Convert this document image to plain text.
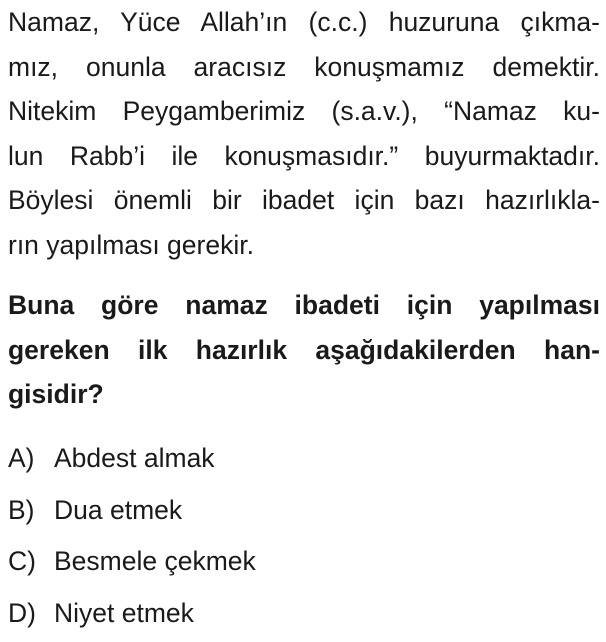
Namaz, Yüce Allah’ın (c.c.) huzuruna çıkma-
mız, onunla aracısız konuşmamız demektir.
Nitekim Peygamberimiz (s.a.v.), “Namaz ku-
lun Rabb’i ile konuşmasıdır.” buyurmaktadır.
Böylesi önemli bir ibadet için bazı hazırlıkla-
rın yapılması gerekir.

Buna göre namaz ibadeti için yapılması
gereken ilk hazırlık aşağıdakilerden han-
gisidir?

A) Abdest almak
B) Dua etmek
C) Besmele çekmek
D) Niyet etmek
